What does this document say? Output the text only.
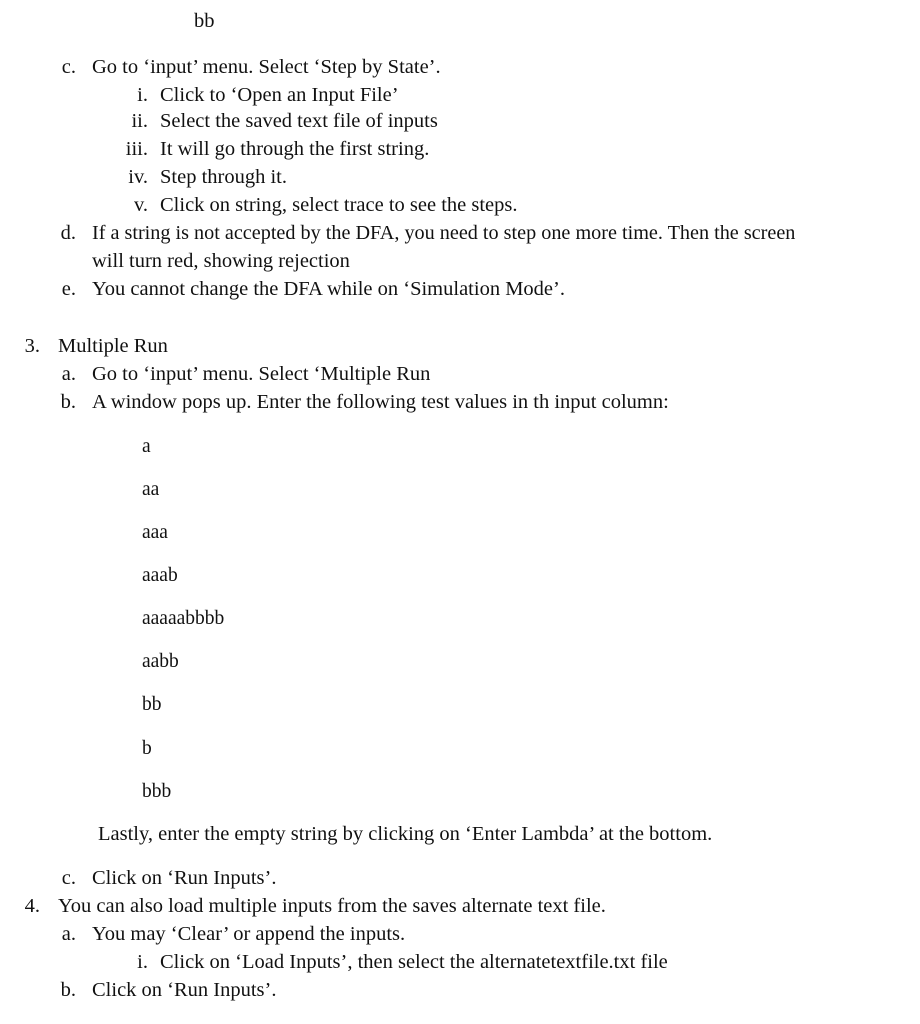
bb
c. Go to ‘input’ menu. Select ‘Step by State’.
i. Click to ‘Open an Input File’
ii. Select the saved text file of inputs
iii. It will go through the first string.
iv. Step through it.
v. Click on string, select trace to see the steps.
d. If a string is not accepted by the DFA, you need to step one more time. Then the screen
will turn red, showing rejection
e. You cannot change the DFA while on ‘Simulation Mode’.
3. Multiple Run
a. Go to ‘input’ menu. Select ‘Multiple Run
b. A window pops up. Enter the following test values in th input column:
a
aa
aaa
aaab
aaaaabbbb
aabb
bb
b
bbb
Lastly, enter the empty string by clicking on ‘Enter Lambda’ at the bottom.
c. Click on ‘Run Inputs’.
4. You can also load multiple inputs from the saves alternate text file.
a. You may ‘Clear’ or append the inputs.
i. Click on ‘Load Inputs’, then select the alternatetextfile.txt file
b. Click on ‘Run Inputs’.
